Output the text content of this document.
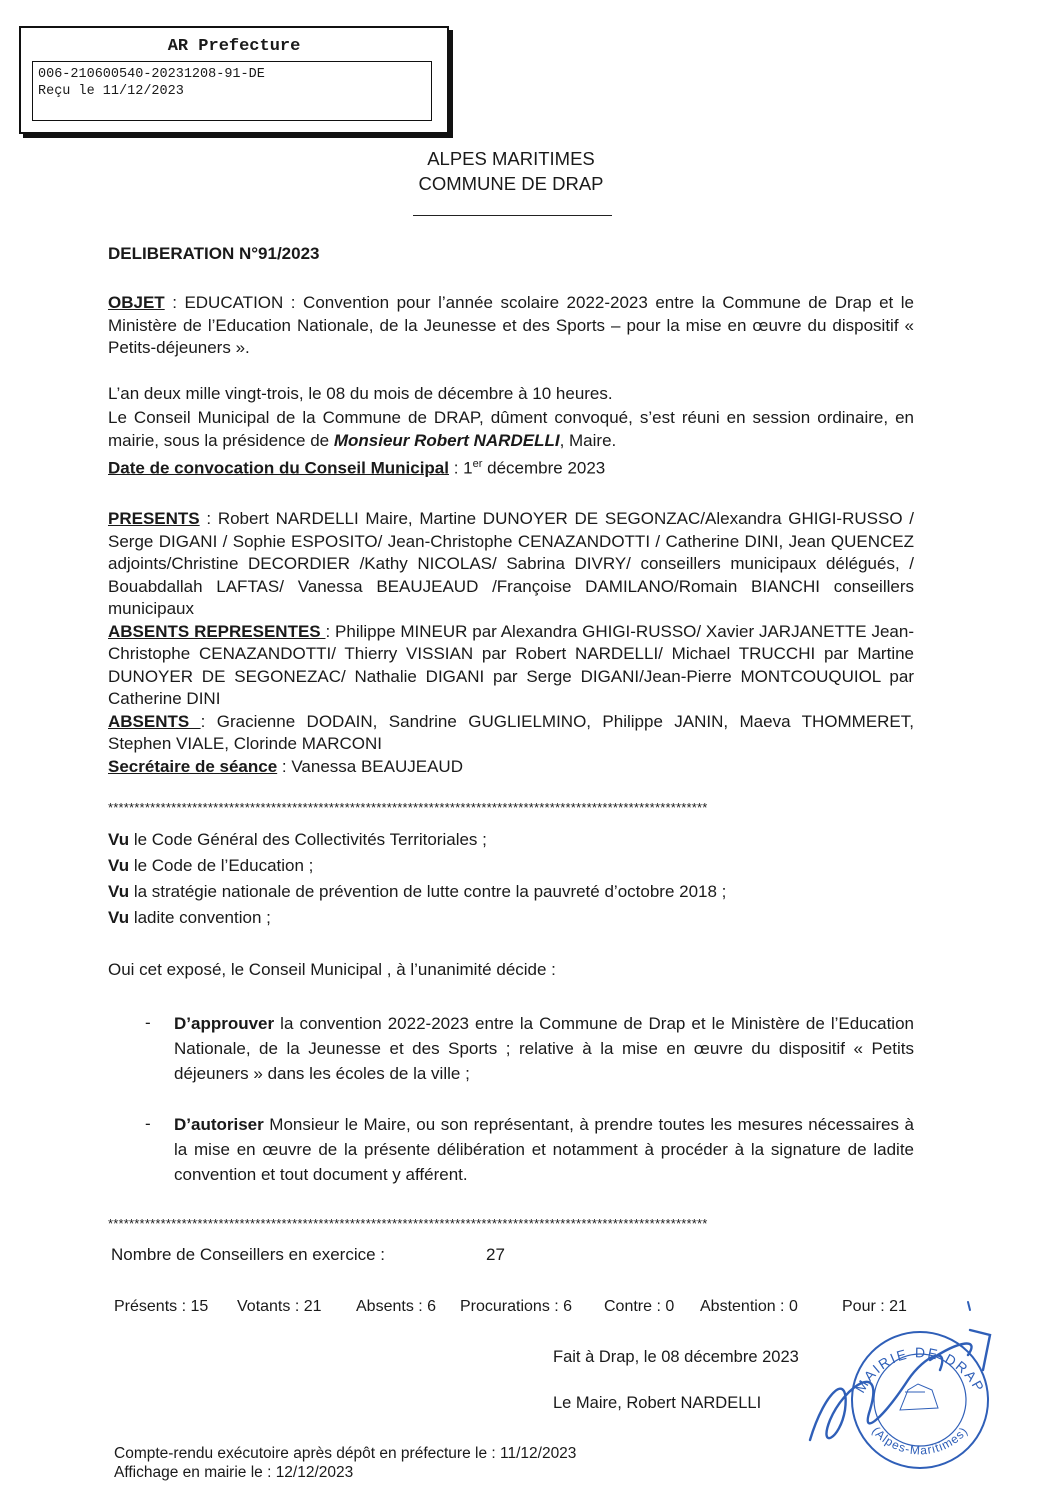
AR Prefecture
006-210600540-20231208-91-DE
Reçu le 11/12/2023
ALPES MARITIMES
COMMUNE DE DRAP
DELIBERATION N°91/2023
OBJET : EDUCATION : Convention pour l’année scolaire 2022-2023 entre la Commune de Drap et le Ministère de l’Education Nationale, de la Jeunesse et des Sports – pour la mise en œuvre du dispositif « Petits-déjeuners ».
L’an deux mille vingt-trois, le 08 du mois de décembre à 10 heures.
Le Conseil Municipal de la Commune de DRAP, dûment convoqué, s’est réuni en session ordinaire, en mairie, sous la présidence de Monsieur Robert NARDELLI, Maire.
Date de convocation du Conseil Municipal : 1er décembre 2023

PRESENTS : Robert NARDELLI Maire, Martine DUNOYER DE SEGONZAC/Alexandra GHIGI-RUSSO / Serge DIGANI / Sophie ESPOSITO/ Jean-Christophe CENAZANDOTTI / Catherine DINI, Jean QUENCEZ adjoints/Christine DECORDIER /Kathy NICOLAS/ Sabrina DIVRY/ conseillers municipaux délégués, / Bouabdallah LAFTAS/ Vanessa BEAUJEAUD /Françoise DAMILANO/Romain BIANCHI conseillers municipaux

ABSENTS REPRESENTES : Philippe MINEUR par Alexandra GHIGI-RUSSO/ Xavier JARJANETTE Jean-Christophe CENAZANDOTTI/ Thierry VISSIAN par Robert NARDELLI/ Michael TRUCCHI par Martine DUNOYER DE SEGONEZAC/ Nathalie DIGANI par Serge DIGANI/Jean-Pierre MONTCOUQUIOL par Catherine DINI

ABSENTS : Gracienne DODAIN, Sandrine GUGLIELMINO, Philippe JANIN, Maeva THOMMERET, Stephen VIALE, Clorinde MARCONI

Secrétaire de séance : Vanessa BEAUJEAUD

******************************************************************************************************************
Vu le Code Général des Collectivités Territoriales ;
Vu le Code de l’Education ;
Vu la stratégie nationale de prévention de lutte contre la pauvreté d’octobre 2018 ;
Vu ladite convention ;
Oui cet exposé, le Conseil Municipal , à l’unanimité décide :
- D’approuver la convention 2022-2023 entre la Commune de Drap et le Ministère de l’Education Nationale, de la Jeunesse et des Sports ; relative à la mise en œuvre du dispositif « Petits déjeuners » dans les écoles de la ville ;
- D’autoriser Monsieur le Maire, ou son représentant, à prendre toutes les mesures nécessaires à la mise en œuvre de la présente délibération et notamment à procéder à la signature de ladite convention et tout document y afférent.
******************************************************************************************************************
Nombre de Conseillers en exercice :	27
Présents : 15 Votants : 21 Absents : 6 Procurations : 6 Contre : 0 Abstention : 0	Pour : 21
Fait à Drap, le 08 décembre 2023
Le Maire, Robert NARDELLI
MAIRIE DE DRAP
(Alpes-Maritimes)
Compte-rendu exécutoire après dépôt en préfecture le : 11/12/2023
Affichage en mairie le : 12/12/2023
